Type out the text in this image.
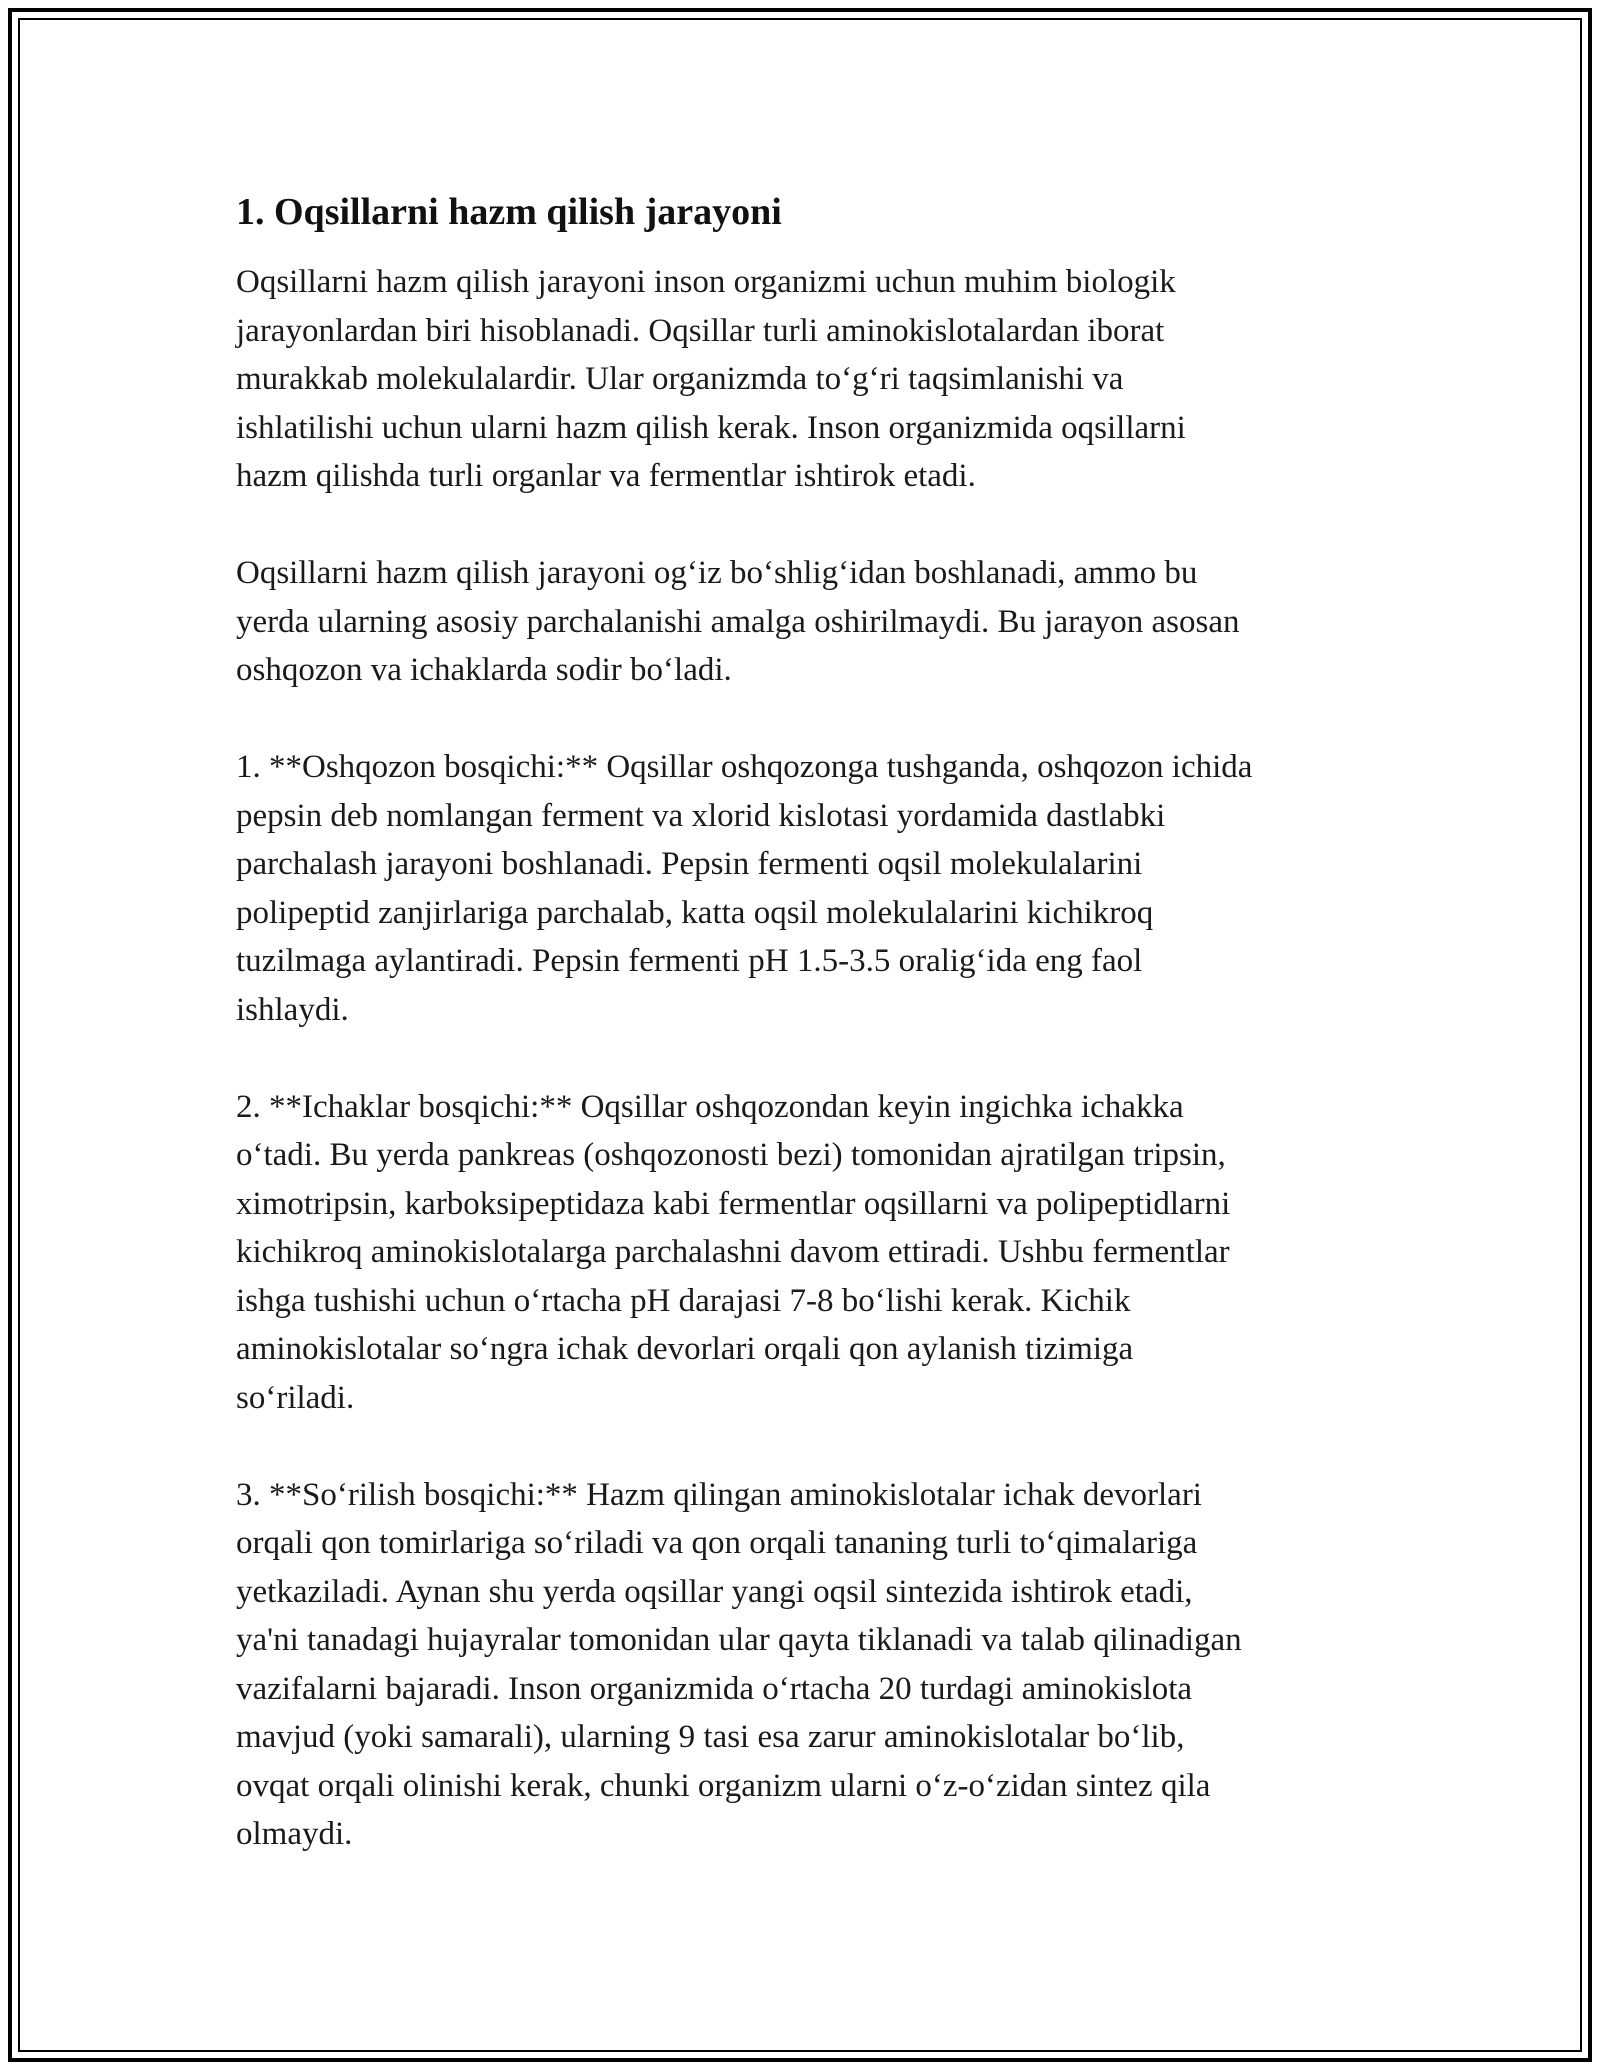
1. Oqsillarni hazm qilish jarayoni

Oqsillarni hazm qilish jarayoni inson organizmi uchun muhim biologik
jarayonlardan biri hisoblanadi. Oqsillar turli aminokislotalardan iborat
murakkab molekulalardir. Ular organizmda toʻgʻri taqsimlanishi va
ishlatilishi uchun ularni hazm qilish kerak. Inson organizmida oqsillarni
hazm qilishda turli organlar va fermentlar ishtirok etadi.

Oqsillarni hazm qilish jarayoni ogʻiz boʻshligʻidan boshlanadi, ammo bu
yerda ularning asosiy parchalanishi amalga oshirilmaydi. Bu jarayon asosan
oshqozon va ichaklarda sodir boʻladi.

1. **Oshqozon bosqichi:** Oqsillar oshqozonga tushganda, oshqozon ichida
pepsin deb nomlangan ferment va xlorid kislotasi yordamida dastlabki
parchalash jarayoni boshlanadi. Pepsin fermenti oqsil molekulalarini
polipeptid zanjirlariga parchalab, katta oqsil molekulalarini kichikroq
tuzilmaga aylantiradi. Pepsin fermenti pH 1.5-3.5 oraligʻida eng faol
ishlaydi.

2. **Ichaklar bosqichi:** Oqsillar oshqozondan keyin ingichka ichakka
oʻtadi. Bu yerda pankreas (oshqozonosti bezi) tomonidan ajratilgan tripsin,
ximotripsin, karboksipeptidaza kabi fermentlar oqsillarni va polipeptidlarni
kichikroq aminokislotalarga parchalashni davom ettiradi. Ushbu fermentlar
ishga tushishi uchun oʻrtacha pH darajasi 7-8 boʻlishi kerak. Kichik
aminokislotalar soʻngra ichak devorlari orqali qon aylanish tizimiga
soʻriladi.

3. **Soʻrilish bosqichi:** Hazm qilingan aminokislotalar ichak devorlari
orqali qon tomirlariga soʻriladi va qon orqali tananing turli toʻqimalariga
yetkaziladi. Aynan shu yerda oqsillar yangi oqsil sintezida ishtirok etadi,
ya'ni tanadagi hujayralar tomonidan ular qayta tiklanadi va talab qilinadigan
vazifalarni bajaradi. Inson organizmida oʻrtacha 20 turdagi aminokislota
mavjud (yoki samarali), ularning 9 tasi esa zarur aminokislotalar boʻlib,
ovqat orqali olinishi kerak, chunki organizm ularni oʻz-oʻzidan sintez qila
olmaydi.
